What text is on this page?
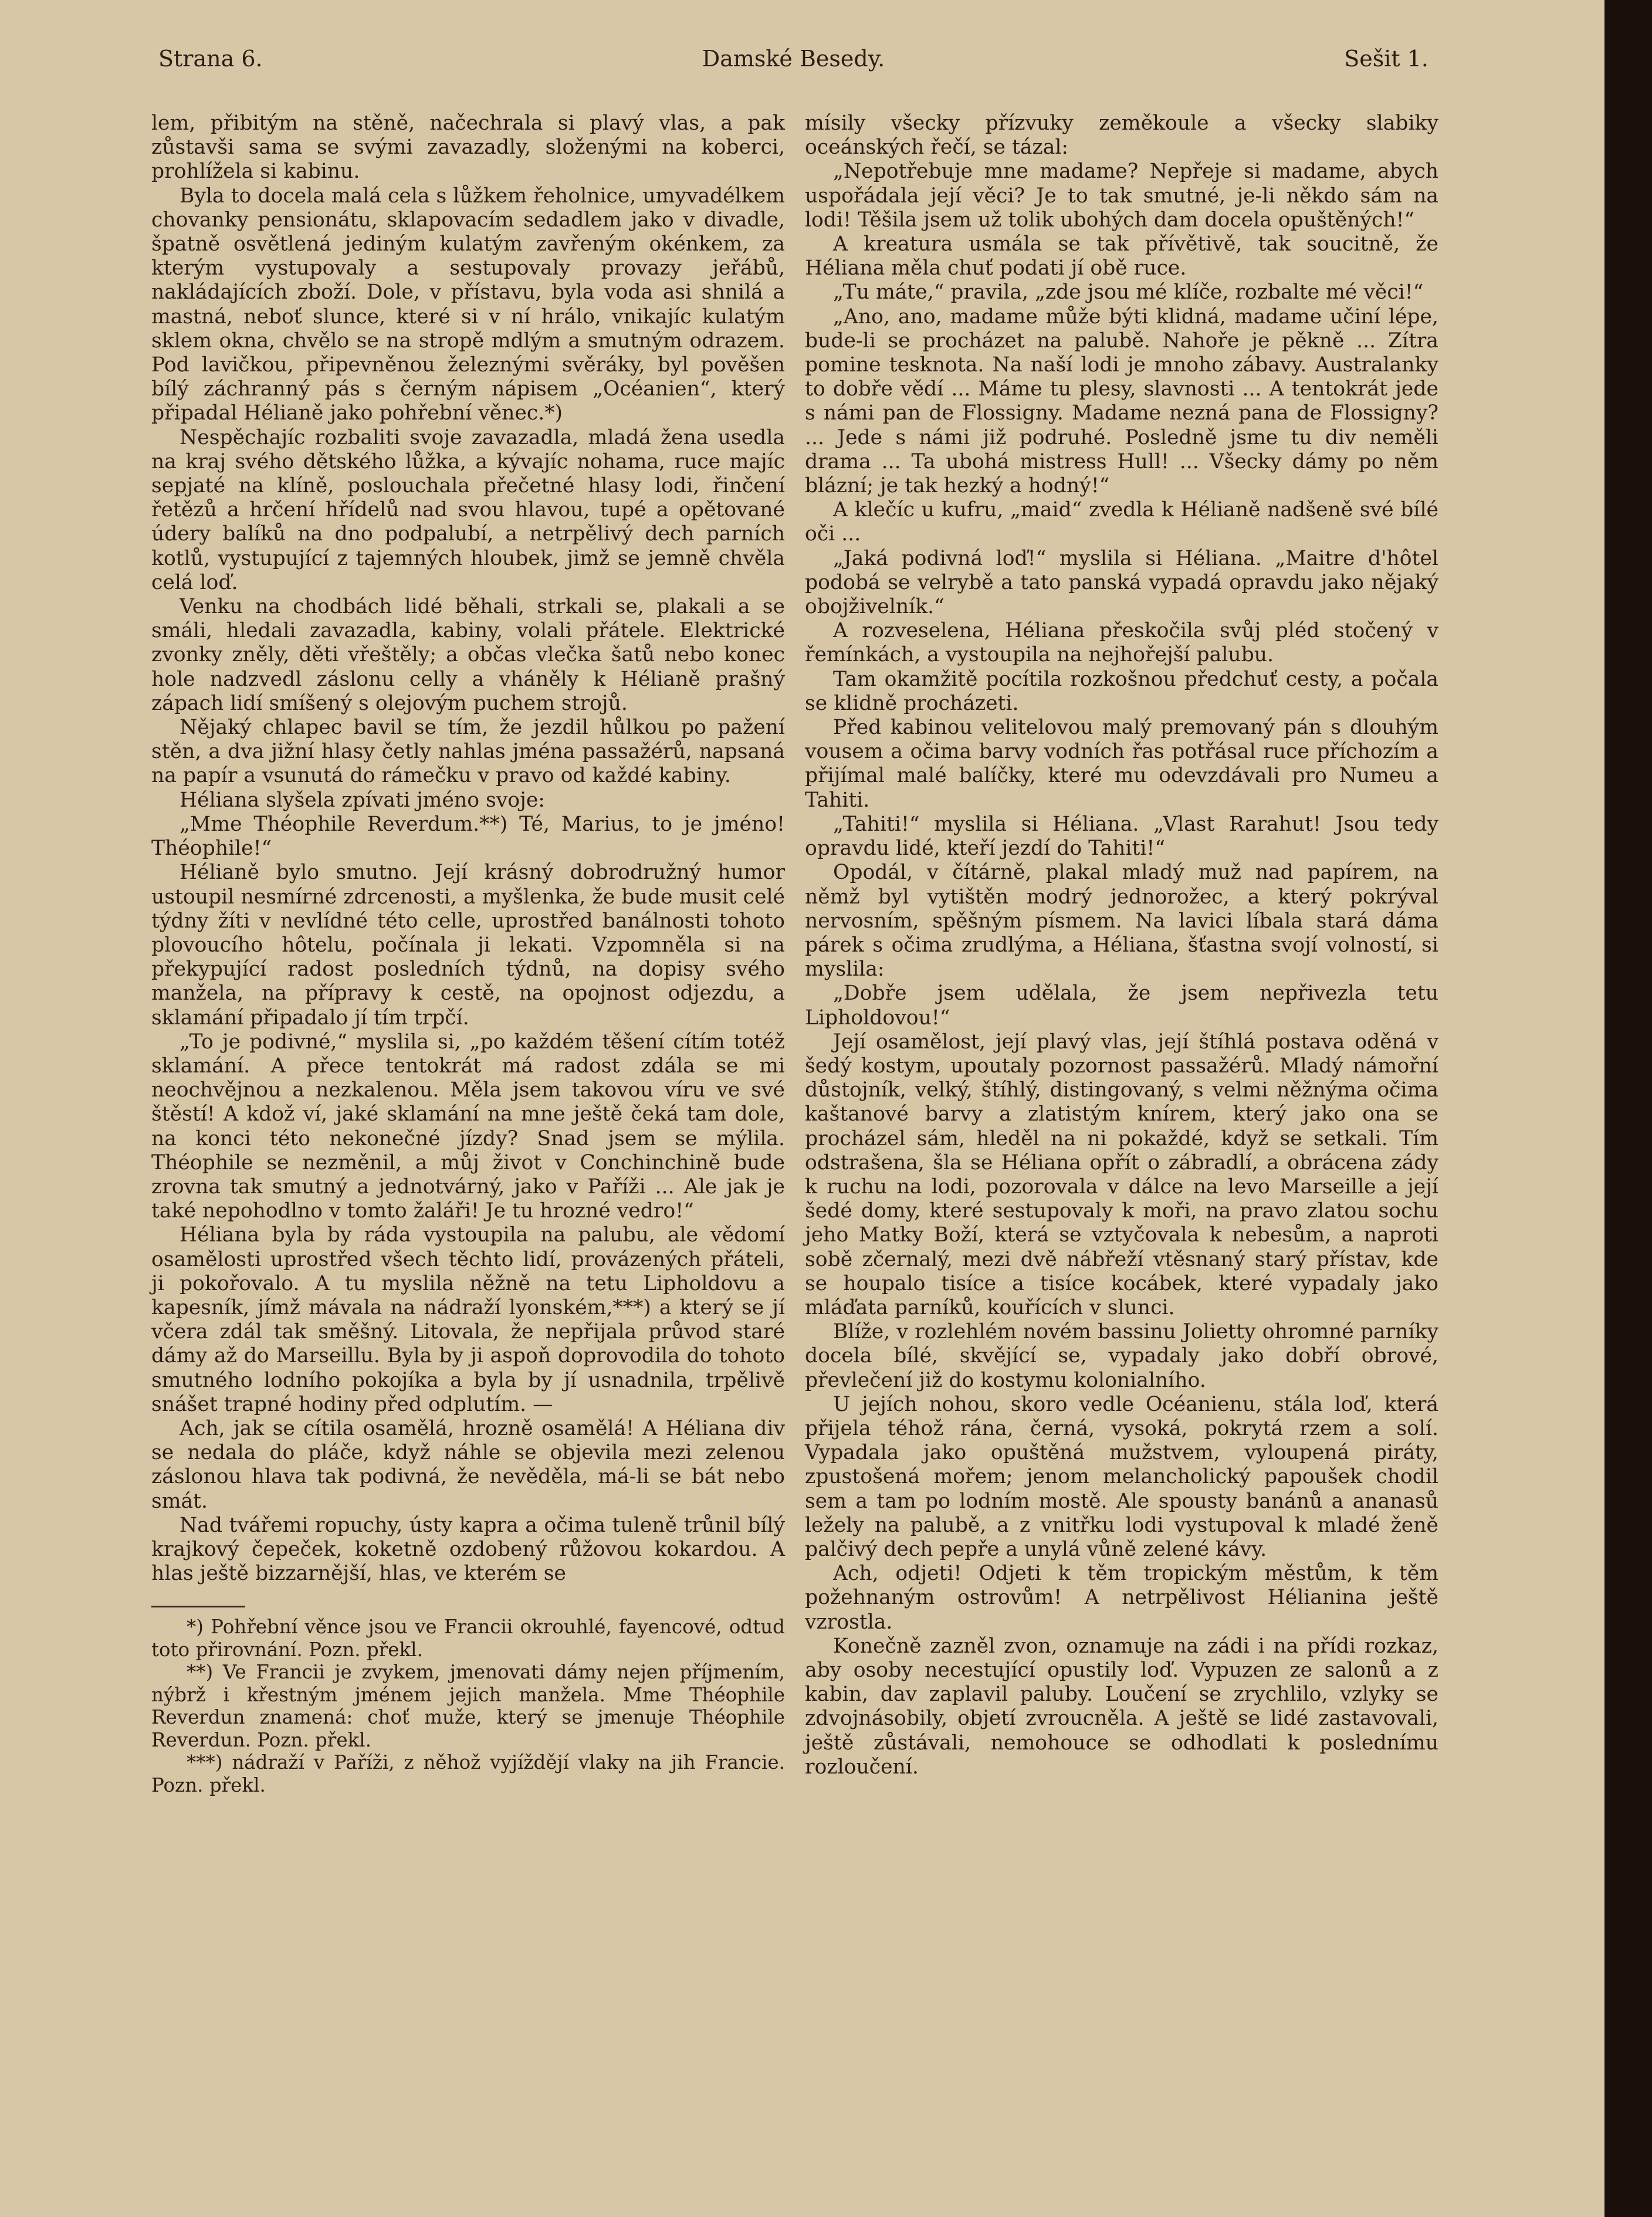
Strana 6.	Damské Besedy.	Sešit 1.

lem, přibitým na stěně, načechrala si plavý vlas, a pak zůstavši sama se svými zavazadly, složenými na koberci, prohlížela si kabinu.

Byla to docela malá cela s lůžkem řeholnice, umyvadélkem chovanky pensionátu, sklapovacím sedadlem jako v divadle, špatně osvětlená jediným kulatým zavřeným okénkem, za kterým vystupovaly a sestupovaly provazy jeřábů, nakládajících zboží. Dole, v přístavu, byla voda asi shnilá a mastná, neboť slunce, které si v ní hrálo, vnikajíc kulatým sklem okna, chvělo se na stropě mdlým a smutným odrazem. Pod lavičkou, připevněnou železnými svěráky, byl pověšen bílý záchranný pás s černým nápisem „Océanien“, který připadal Hélianě jako pohřební věnec.*)

Nespěchajíc rozbaliti svoje zavazadla, mladá žena usedla na kraj svého dětského lůžka, a kývajíc nohama, ruce majíc sepjaté na klíně, poslouchala přečetné hlasy lodi, řinčení řetězů a hrčení hřídelů nad svou hlavou, tupé a opětované údery balíků na dno podpalubí, a netrpělivý dech parních kotlů, vystupující z tajemných hloubek, jimž se jemně chvěla celá loď.

Venku na chodbách lidé běhali, strkali se, plakali a se smáli, hledali zavazadla, kabiny, volali přátele. Elektrické zvonky zněly, děti vřeštěly; a občas vlečka šatů nebo konec hole nadzvedl záslonu celly a vháněly k Hélianě prašný zápach lidí smíšený s olejovým puchem strojů.

Nějaký chlapec bavil se tím, že jezdil hůlkou po pažení stěn, a dva jižní hlasy četly nahlas jména passažérů, napsaná na papír a vsunutá do rámečku v pravo od každé kabiny.

Héliana slyšela zpívati jméno svoje:

„Mme Théophile Reverdum.**) Té, Marius, to je jméno! Théophile!“

Hélianě bylo smutno. Její krásný dobrodružný humor ustoupil nesmírné zdrcenosti, a myšlenka, že bude musit celé týdny žíti v nevlídné této celle, uprostřed banálnosti tohoto plovoucího hôtelu, počínala ji lekati. Vzpomněla si na překypující radost posledních týdnů, na dopisy svého manžela, na přípravy k cestě, na opojnost odjezdu, a sklamání připadalo jí tím trpčí.

„To je podivné,“ myslila si, „po každém těšení cítím totéž sklamání. A přece tentokrát má radost zdála se mi neochvějnou a nezkalenou. Měla jsem takovou víru ve své štěstí! A kdož ví, jaké sklamání na mne ještě čeká tam dole, na konci této nekonečné jízdy? Snad jsem se mýlila. Théophile se nezměnil, a můj život v Conchinchině bude zrovna tak smutný a jednotvárný, jako v Paříži ... Ale jak je také nepohodlno v tomto žaláři! Je tu hrozné vedro!“

Héliana byla by ráda vystoupila na palubu, ale vědomí osamělosti uprostřed všech těchto lidí, provázených přáteli, ji pokořovalo. A tu myslila něžně na tetu Lipholdovu a kapesník, jímž mávala na nádraží lyonském,***) a který se jí včera zdál tak směšný. Litovala, že nepřijala průvod staré dámy až do Marseillu. Byla by ji aspoň doprovodila do tohoto smutného lodního pokojíka a byla by jí usnadnila, trpělivě snášet trapné hodiny před odplutím. —

Ach, jak se cítila osamělá, hrozně osamělá! A Héliana div se nedala do pláče, když náhle se objevila mezi zelenou záslonou hlava tak podivná, že nevěděla, má-li se bát nebo smát.

Nad tvářemi ropuchy, ústy kapra a očima tuleně trůnil bílý krajkový čepeček, koketně ozdobený růžovou kokardou. A hlas ještě bizzarnější, hlas, ve kterém se

*) Pohřební věnce jsou ve Francii okrouhlé, fayencové, odtud toto přirovnání. Pozn. překl.

**) Ve Francii je zvykem, jmenovati dámy nejen příjmením, nýbrž i křestným jménem jejich manžela. Mme Théophile Reverdun znamená: choť muže, který se jmenuje Théophile Reverdun. Pozn. překl.

***) nádraží v Paříži, z něhož vyjíždějí vlaky na jih Francie. Pozn. překl.

mísily všecky přízvuky zeměkoule a všecky slabiky oceánských řečí, se tázal:

„Nepotřebuje mne madame? Nepřeje si madame, abych uspořádala její věci? Je to tak smutné, je-li někdo sám na lodi! Těšila jsem už tolik ubohých dam docela opuštěných!“

A kreatura usmála se tak přívětivě, tak soucitně, že Héliana měla chuť podati jí obě ruce.

„Tu máte,“ pravila, „zde jsou mé klíče, rozbalte mé věci!“

„Ano, ano, madame může býti klidná, madame učiní lépe, bude-li se procházet na palubě. Nahoře je pěkně ... Zítra pomine tesknota. Na naší lodi je mnoho zábavy. Australanky to dobře vědí ... Máme tu plesy, slavnosti ... A tentokrát jede s námi pan de Flossigny. Madame nezná pana de Flossigny? ... Jede s námi již podruhé. Posledně jsme tu div neměli drama ... Ta ubohá mistress Hull! ... Všecky dámy po něm blázní; je tak hezký a hodný!“

A klečíc u kufru, „maid“ zvedla k Hélianě nadšeně své bílé oči ...

„Jaká podivná loď!“ myslila si Héliana. „Maitre d'hôtel podobá se velrybě a tato panská vypadá opravdu jako nějaký obojživelník.“

A rozveselena, Héliana přeskočila svůj pléd stočený v řemínkách, a vystoupila na nejhořejší palubu.

Tam okamžitě pocítila rozkošnou předchuť cesty, a počala se klidně procházeti.

Před kabinou velitelovou malý premovaný pán s dlouhým vousem a očima barvy vodních řas potřásal ruce příchozím a přijímal malé balíčky, které mu odevzdávali pro Numeu a Tahiti.

„Tahiti!“ myslila si Héliana. „Vlast Rarahut! Jsou tedy opravdu lidé, kteří jezdí do Tahiti!“

Opodál, v čítárně, plakal mladý muž nad papírem, na němž byl vytištěn modrý jednorožec, a který pokrýval nervosním, spěšným písmem. Na lavici líbala stará dáma párek s očima zrudlýma, a Héliana, šťastna svojí volností, si myslila:

„Dobře jsem udělala, že jsem nepřivezla tetu Lipholdovou!“

Její osamělost, její plavý vlas, její štíhlá postava oděná v šedý kostym, upoutaly pozornost passažérů. Mladý námořní důstojník, velký, štíhlý, distingovaný, s velmi něžnýma očima kaštanové barvy a zlatistým knírem, který jako ona se procházel sám, hleděl na ni pokaždé, když se setkali. Tím odstrašena, šla se Héliana opřít o zábradlí, a obrácena zády k ruchu na lodi, pozorovala v dálce na levo Marseille a její šedé domy, které sestupovaly k moři, na pravo zlatou sochu jeho Matky Boží, která se vztyčovala k nebesům, a naproti sobě zčernalý, mezi dvě nábřeží vtěsnaný starý přístav, kde se houpalo tisíce a tisíce kocábek, které vypadaly jako mláďata parníků, kouřících v slunci.

Blíže, v rozlehlém novém bassinu Jolietty ohromné parníky docela bílé, skvějící se, vypadaly jako dobří obrové, převlečení již do kostymu kolonialního.

U jejích nohou, skoro vedle Océanienu, stála loď, která přijela téhož rána, černá, vysoká, pokrytá rzem a solí. Vypadala jako opuštěná mužstvem, vyloupená piráty, zpustošená mořem; jenom melancholický papoušek chodil sem a tam po lodním mostě. Ale spousty banánů a ananasů ležely na palubě, a z vnitřku lodi vystupoval k mladé ženě palčivý dech pepře a unylá vůně zelené kávy.

Ach, odjeti! Odjeti k těm tropickým městům, k těm požehnaným ostrovům! A netrpělivost Hélianina ještě vzrostla.

Konečně zazněl zvon, oznamuje na zádi i na přídi rozkaz, aby osoby necestující opustily loď. Vypuzen ze salonů a z kabin, dav zaplavil paluby. Loučení se zrychlilo, vzlyky se zdvojnásobily, objetí zvroucněla. A ještě se lidé zastavovali, ještě zůstávali, nemohouce se odhodlati k poslednímu rozloučení.
